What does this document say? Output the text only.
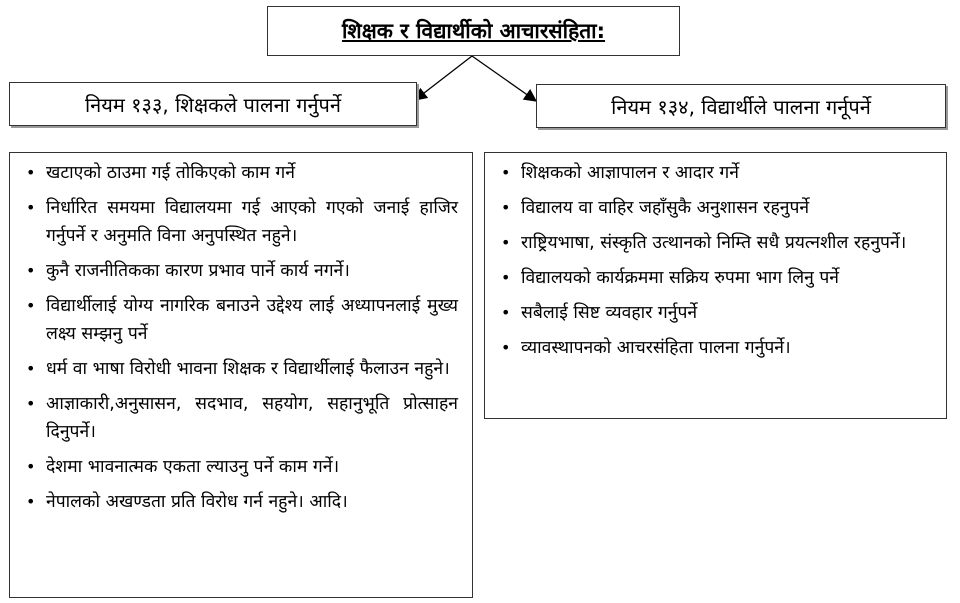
शिक्षक र विद्यार्थीको आचारसंहिता:
नियम १३३, शिक्षकले पालना गर्नुपर्ने	नियम १३४, विद्यार्थीले पालना गर्नूपर्ने
• खटाएको ठाउमा गई तोकिएको काम गर्ने
• निर्धारित समयमा विद्यालयमा गई आएको गएको जनाई हाजिर गर्नुपर्ने र अनुमति विना अनुपस्थित नहुने।
• कुनै राजनीतिकका कारण प्रभाव पार्ने कार्य नगर्ने।
• विद्यार्थीलाई योग्य नागरिक बनाउने उद्देश्य लाई अध्यापनलाई मुख्य लक्ष्य सम्झनु पर्ने
• धर्म वा भाषा विरोधी भावना शिक्षक र विद्यार्थीलाई फैलाउन नहुने।
• आज्ञाकारी,अनुसासन, सदभाव, सहयोग, सहानुभूति प्रोत्साहन दिनुपर्ने।
• देशमा भावनात्मक एकता ल्याउनु पर्ने काम गर्ने।
• नेपालको अखण्डता प्रति विरोध गर्न नहुने। आदि।
• शिक्षकको आज्ञापालन र आदार गर्ने
• विद्यालय वा वाहिर जहाँसुकै अनुशासन रहनुपर्ने
• राष्ट्रियभाषा, संस्कृति उत्थानको निम्ति सधै प्रयत्नशील रहनुपर्ने।
• विद्यालयको कार्यक्रममा सक्रिय रुपमा भाग लिनु पर्ने
• सबैलाई सिष्ट व्यवहार गर्नुपर्ने
• व्यावस्थापनको आचरसंहिता पालना गर्नुपर्ने।
